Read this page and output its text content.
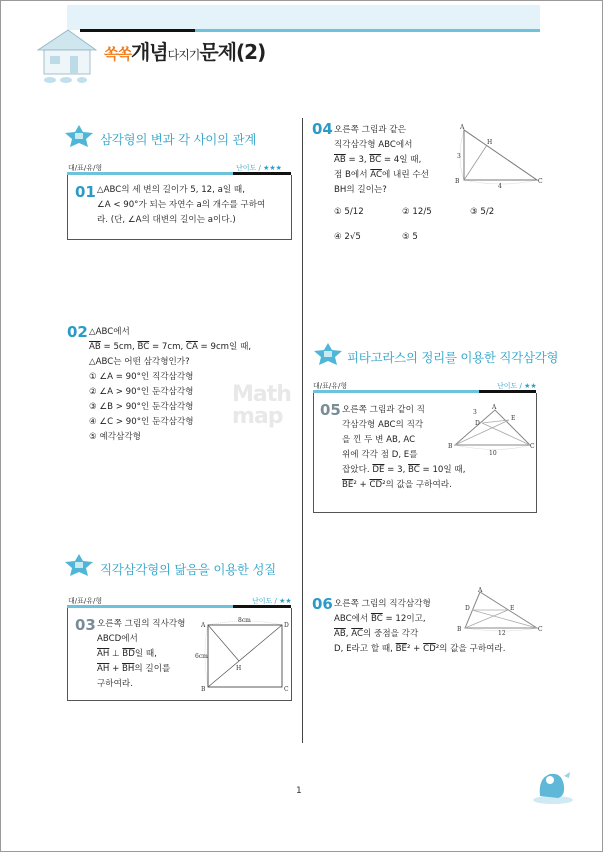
쏙쏙개념다지기문제(2)
Math
map
삼각형의 변과 각 사이의 관계
피타고라스의 정리를 이용한 직각삼각형
직각삼각형의 닮음을 이용한 성질
대/표/유/형	난이도 / ★★★
01 △ABC의 세 변의 길이가 5, 12, a일 때,
∠A < 90°가 되는 자연수 a의 개수를 구하여
라. (단, ∠A의 대변의 길이는 a이다.)
02 △ABC에서
$\overline{AB} = 5cm$, $\overline{BC} = 7cm$, $\overline{CA} = 9cm$일 때,
△ABC는 어떤 삼각형인가?
① ∠A = 90°인 직각삼각형
② ∠A > 90°인 둔각삼각형
③ ∠B > 90°인 둔각삼각형
④ ∠C > 90°인 둔각삼각형
⑤ 예각삼각형
대/표/유/형	난이도 / ★★
03 오른쪽 그림의 직사각형
ABCD에서
$\overline{AH}$ ⊥ $\overline{BD}$일 때,
$\overline{AH} + \overline{BH}$의 길이를
구하여라.
A
B	C
D
H
8cm
6cm
04 오른쪽 그림과 같은
직각삼각형 ABC에서
$\overline{AB} = 3$, $\overline{BC} = 4$일 때,
점 B에서 $\overline{AC}$에 내린 수선
BH의 길이는?
① 5/12	② 12/5	③ 5/2
④ 2√5	⑤ 5
A
B	C
H
3
4
대/표/유/형	난이도 / ★★
05 오른쪽 그림과 같이 직
각삼각형 ABC의 직각
을 낀 두 변 AB, AC
위에 각각 점 D, E를
잡았다. $\overline{DE} = 3$, $\overline{BC} = 10$일 때,
$\overline{BE}^2 + \overline{CD}^2$의 값을 구하여라.
A
B	C
D
E
3
10
06 오른쪽 그림의 직각삼각형
ABC에서 $\overline{BC} = 12$이고,
$\overline{AB}$, $\overline{AC}$의 중점을 각각
D, E라고 할 때, $\overline{BE}^2 + \overline{CD}^2$의 값을 구하여라.
A
B	C
D	E
12
1
